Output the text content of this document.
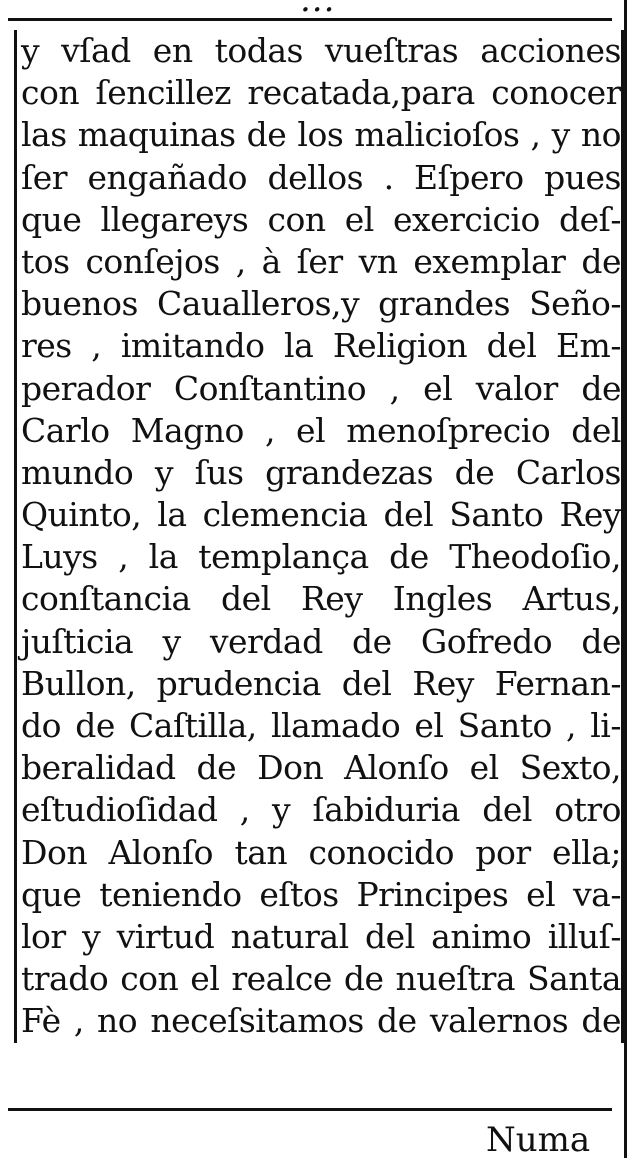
...
y vſad en todas vueſtras acciones
con ſencillez recatada,para conocer
las maquinas de los malicioſos , y no
ſer engañado dellos . Eſpero pues
que llegareys con el exercicio deſ-
tos conſejos , à ſer vn exemplar de
buenos Caualleros,y grandes Seño-
res , imitando la Religion del Em-
perador Conſtantino , el valor de
Carlo Magno , el menoſprecio del
mundo y ſus grandezas de Carlos
Quinto, la clemencia del Santo Rey
Luys , la templança de Theodoſio,
conſtancia del Rey Ingles Artus,
juſticia y verdad de Gofredo de
Bullon, prudencia del Rey Fernan-
do de Caſtilla, llamado el Santo , li-
beralidad de Don Alonſo el Sexto,
eſtudioſidad , y ſabiduria del otro
Don Alonſo tan conocido por ella;
que teniendo eſtos Principes el va-
lor y virtud natural del animo illuſ-
trado con el realce de nueſtra Santa
Fè , no neceſsitamos de valernos de
Numa
